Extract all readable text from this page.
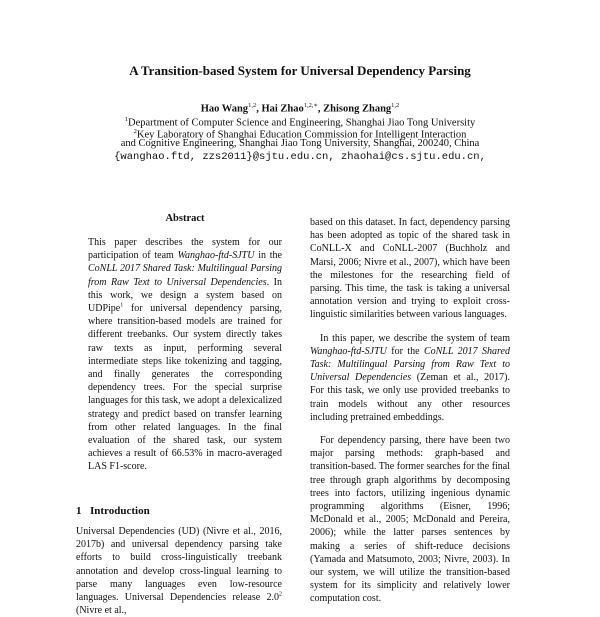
A Transition-based System for Universal Dependency Parsing
Hao Wang$^{1,2}$, Hai Zhao$^{1,2,∗}$, Zhisong Zhang$^{1,2}$
$^1$Department of Computer Science and Engineering, Shanghai Jiao Tong University
$^2$Key Laboratory of Shanghai Education Commission for Intelligent Interaction
and Cognitive Engineering, Shanghai Jiao Tong University, Shanghai, 200240, China
{wanghao.ftd, zzs2011}@sjtu.edu.cn, zhaohai@cs.sjtu.edu.cn,
Abstract

This paper describes the system for our participation of team Wanghao-ftd-SJTU in the CoNLL 2017 Shared Task: Multilingual Parsing from Raw Text to Universal Dependencies. In this work, we design a system based on UDPipe$^1$ for universal dependency parsing, where transition-based models are trained for different treebanks. Our system directly takes raw texts as input, performing several intermediate steps like tokenizing and tagging, and finally generates the corresponding dependency trees. For the special surprise languages for this task, we adopt a delexicalized strategy and predict based on transfer learning from other related languages. In the final evaluation of the shared task, our system achieves a result of 66.53% in macro-averaged LAS F1-score.

1 Introduction

Universal Dependencies (UD) (Nivre et al., 2016, 2017b) and universal dependency parsing take efforts to build cross-linguistically treebank annotation and develop cross-lingual learning to parse many languages even low-resource languages. Universal Dependencies release $2.0^2$ (Nivre et al.,

based on this dataset. In fact, dependency parsing has been adopted as topic of the shared task in CoNLL-X and CoNLL-2007 (Buchholz and Marsi, 2006; Nivre et al., 2007), which have been the milestones for the researching field of parsing. This time, the task is taking a universal annotation version and trying to exploit cross-linguistic similarities between various languages.

In this paper, we describe the system of team Wanghao-ftd-SJTU for the CoNLL 2017 Shared Task: Multilingual Parsing from Raw Text to Universal Dependencies (Zeman et al., 2017). For this task, we only use provided treebanks to train models without any other resources including pretrained embeddings.

For dependency parsing, there have been two major parsing methods: graph-based and transition-based. The former searches for the final tree through graph algorithms by decomposing trees into factors, utilizing ingenious dynamic programming algorithms (Eisner, 1996; McDonald et al., 2005; McDonald and Pereira, 2006); while the latter parses sentences by making a series of shift-reduce decisions (Yamada and Matsumoto, 2003; Nivre, 2003). In our system, we will utilize the transition-based system for its simplicity and relatively lower computation cost.
